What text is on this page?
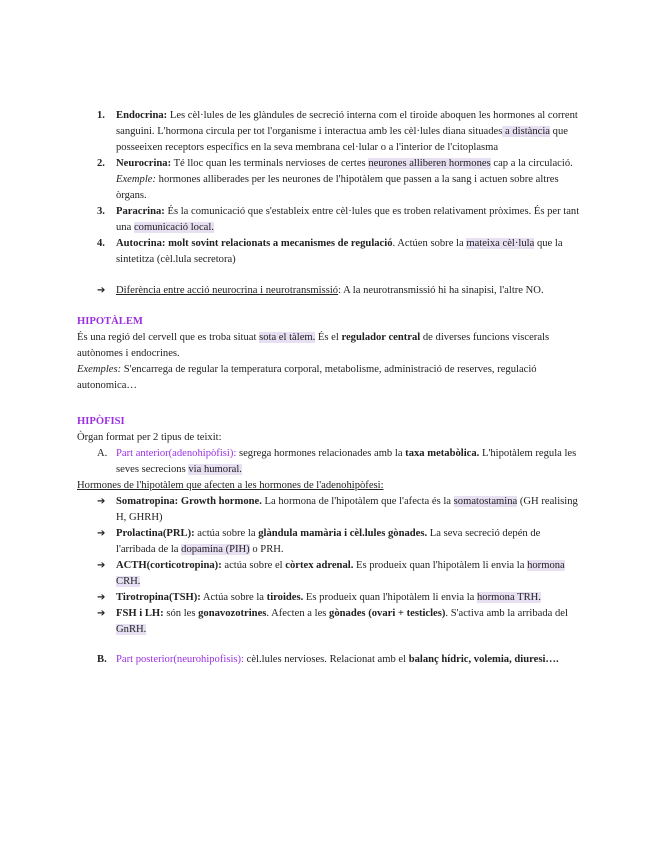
1. Endocrina: Les cèl·lules de les glàndules de secreció interna com el tiroide aboquen les hormones al corrent sanguini. L'hormona circula per tot l'organisme i interactua amb les cèl·lules diana situades a distància que posseeixen receptors específics en la seva membrana cel·lular o a l'interior de l'citoplasma
2. Neurocrina: Té lloc quan les terminals nervioses de certes neurones alliberen hormones cap a la circulació.
Exemple: hormones alliberades per les neurones de l'hipotàlem que passen a la sang i actuen sobre altres òrgans.
3. Paracrina: És la comunicació que s'estableix entre cèl·lules que es troben relativament pròximes. És per tant una comunicació local.
4. Autocrina: molt sovint relacionats a mecanismes de regulació. Actúen sobre la mateixa cèl·lula que la sintetitza (cèl.lula secretora)
➔ Diferència entre acció neurocrina i neurotransmissió: A la neurotransmissió hi ha sinapisi, l'altre NO.
HIPOTÀLEM
És una regió del cervell que es troba situat sota el tàlem. És el regulador central de diverses funcions viscerals autònomes i endocrines.
Exemples: S'encarrega de regular la temperatura corporal, metabolisme, administració de reserves, regulació autonomica…
HIPÒFISI
Òrgan format per 2 tipus de teixit:
A. Part anterior(adenohipòfisi): segrega hormones relacionades amb la taxa metabòlica. L'hipotàlem regula les seves secrecions via humoral.
Hormones de l'hipotàlem que afecten a les hormones de l'adenohipòfesi:
➔ Somatropina: Growth hormone. La hormona de l'hipotàlem que l'afecta és la somatostamina (GH realising H, GHRH)
➔ Prolactina(PRL): actúa sobre la glàndula mamària i cèl.lules gònades. La seva secreció depén de l'arribada de la dopamina (PIH) o PRH.
➔ ACTH(corticotropina): actúa sobre el còrtex adrenal. Es produeix quan l'hipotàlem li envia la hormona CRH.
➔ Tirotropina(TSH): Actúa sobre la tiroides. Es produeix quan l'hipotàlem li envia la hormona TRH.
➔ FSH i LH: són les gonavozotrines. Afecten a les gònades (ovari + testicles). S'activa amb la arribada del GnRH.
B. Part posterior(neurohipofisis): cèl.lules nervioses. Relacionat amb el balanç hídric, volemia, diuresi….
